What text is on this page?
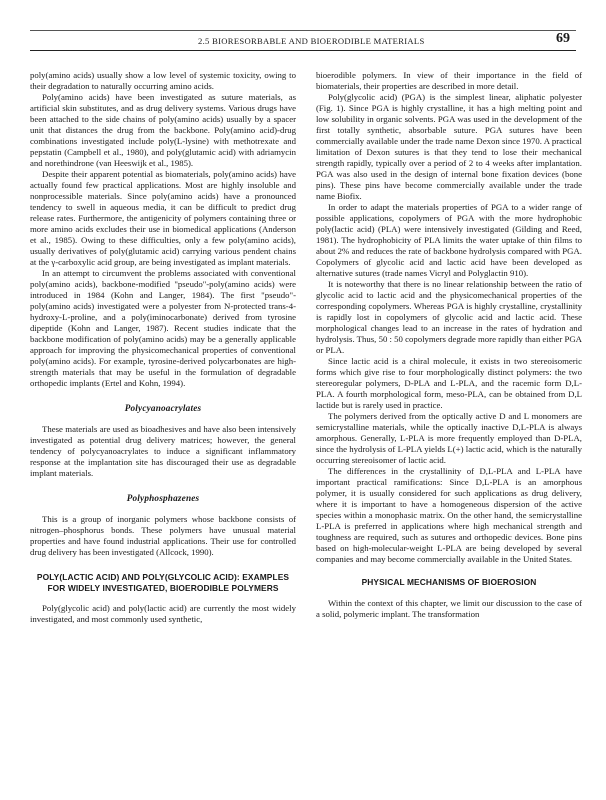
2.5 BIORESORBABLE AND BIOERODIBLE MATERIALS	69

poly(amino acids) usually show a low level of systemic toxicity, owing to their degradation to naturally occurring amino acids.

Poly(amino acids) have been investigated as suture materials, as artificial skin substitutes, and as drug delivery systems. Various drugs have been attached to the side chains of poly(amino acids) usually by a spacer unit that distances the drug from the backbone. Poly(amino acid)-drug combinations investigated include poly(L-lysine) with methotrexate and pepstatin (Campbell et al., 1980), and poly(glutamic acid) with adriamycin and norethindrone (van Heeswijk et al., 1985).

Despite their apparent potential as biomaterials, poly(amino acids) have actually found few practical applications. Most are highly insoluble and nonprocessible materials. Since poly(amino acids) have a pronounced tendency to swell in aqueous media, it can be difficult to predict drug release rates. Furthermore, the antigenicity of polymers containing three or more amino acids excludes their use in biomedical applications (Anderson et al., 1985). Owing to these difficulties, only a few poly(amino acids), usually derivatives of poly(glutamic acid) carrying various pendent chains at the γ-carboxylic acid group, are being investigated as implant materials.

In an attempt to circumvent the problems associated with conventional poly(amino acids), backbone-modified "pseudo"-poly(amino acids) were introduced in 1984 (Kohn and Langer, 1984). The first "pseudo"-poly(amino acids) investigated were a polyester from N-protected trans-4-hydroxy-L-proline, and a poly(iminocarbonate) derived from tyrosine dipeptide (Kohn and Langer, 1987). Recent studies indicate that the backbone modification of poly(amino acids) may be a generally applicable approach for improving the physicomechanical properties of conventional poly(amino acids). For example, tyrosine-derived polycarbonates are high-strength materials that may be useful in the formulation of degradable orthopedic implants (Ertel and Kohn, 1994).

Polycyanoacrylates

These materials are used as bioadhesives and have also been intensively investigated as potential drug delivery matrices; however, the general tendency of polycyanoacrylates to induce a significant inflammatory response at the implantation site has discouraged their use as degradable implant materials.

Polyphosphazenes

This is a group of inorganic polymers whose backbone consists of nitrogen–phosphorus bonds. These polymers have unusual material properties and have found industrial applications. Their use for controlled drug delivery has been investigated (Allcock, 1990).

POLY(LACTIC ACID) AND POLY(GLYCOLIC ACID): EXAMPLES FOR WIDELY INVESTIGATED, BIOERODIBLE POLYMERS

Poly(glycolic acid) and poly(lactic acid) are currently the most widely investigated, and most commonly used synthetic,

bioerodible polymers. In view of their importance in the field of biomaterials, their properties are described in more detail.

Poly(glycolic acid) (PGA) is the simplest linear, aliphatic polyester (Fig. 1). Since PGA is highly crystalline, it has a high melting point and low solubility in organic solvents. PGA was used in the development of the first totally synthetic, absorbable suture. PGA sutures have been commercially available under the trade name Dexon since 1970. A practical limitation of Dexon sutures is that they tend to lose their mechanical strength rapidly, typically over a period of 2 to 4 weeks after implantation. PGA was also used in the design of internal bone fixation devices (bone pins). These pins have become commercially available under the trade name Biofix.

In order to adapt the materials properties of PGA to a wider range of possible applications, copolymers of PGA with the more hydrophobic poly(lactic acid) (PLA) were intensively investigated (Gilding and Reed, 1981). The hydrophobicity of PLA limits the water uptake of thin films to about 2% and reduces the rate of backbone hydrolysis compared with PGA. Copolymers of glycolic acid and lactic acid have been developed as alternative sutures (trade names Vicryl and Polyglactin 910).

It is noteworthy that there is no linear relationship between the ratio of glycolic acid to lactic acid and the physicomechanical properties of the corresponding copolymers. Whereas PGA is highly crystalline, crystallinity is rapidly lost in copolymers of glycolic acid and lactic acid. These morphological changes lead to an increase in the rates of hydration and hydrolysis. Thus, 50 : 50 copolymers degrade more rapidly than either PGA or PLA.

Since lactic acid is a chiral molecule, it exists in two stereoisomeric forms which give rise to four morphologically distinct polymers: the two stereoregular polymers, D-PLA and L-PLA, and the racemic form D,L-PLA. A fourth morphological form, meso-PLA, can be obtained from D,L lactide but is rarely used in practice.

The polymers derived from the optically active D and L monomers are semicrystalline materials, while the optically inactive D,L-PLA is always amorphous. Generally, L-PLA is more frequently employed than D-PLA, since the hydrolysis of L-PLA yields L(+) lactic acid, which is the naturally occurring stereoisomer of lactic acid.

The differences in the crystallinity of D,L-PLA and L-PLA have important practical ramifications: Since D,L-PLA is an amorphous polymer, it is usually considered for such applications as drug delivery, where it is important to have a homogeneous dispersion of the active species within a monophasic matrix. On the other hand, the semicrystalline L-PLA is preferred in applications where high mechanical strength and toughness are required, such as sutures and orthopedic devices. Bone pins based on high-molecular-weight L-PLA are being developed by several companies and may become commercially available in the United States.

PHYSICAL MECHANISMS OF BIOEROSION

Within the context of this chapter, we limit our discussion to the case of a solid, polymeric implant. The transformation
